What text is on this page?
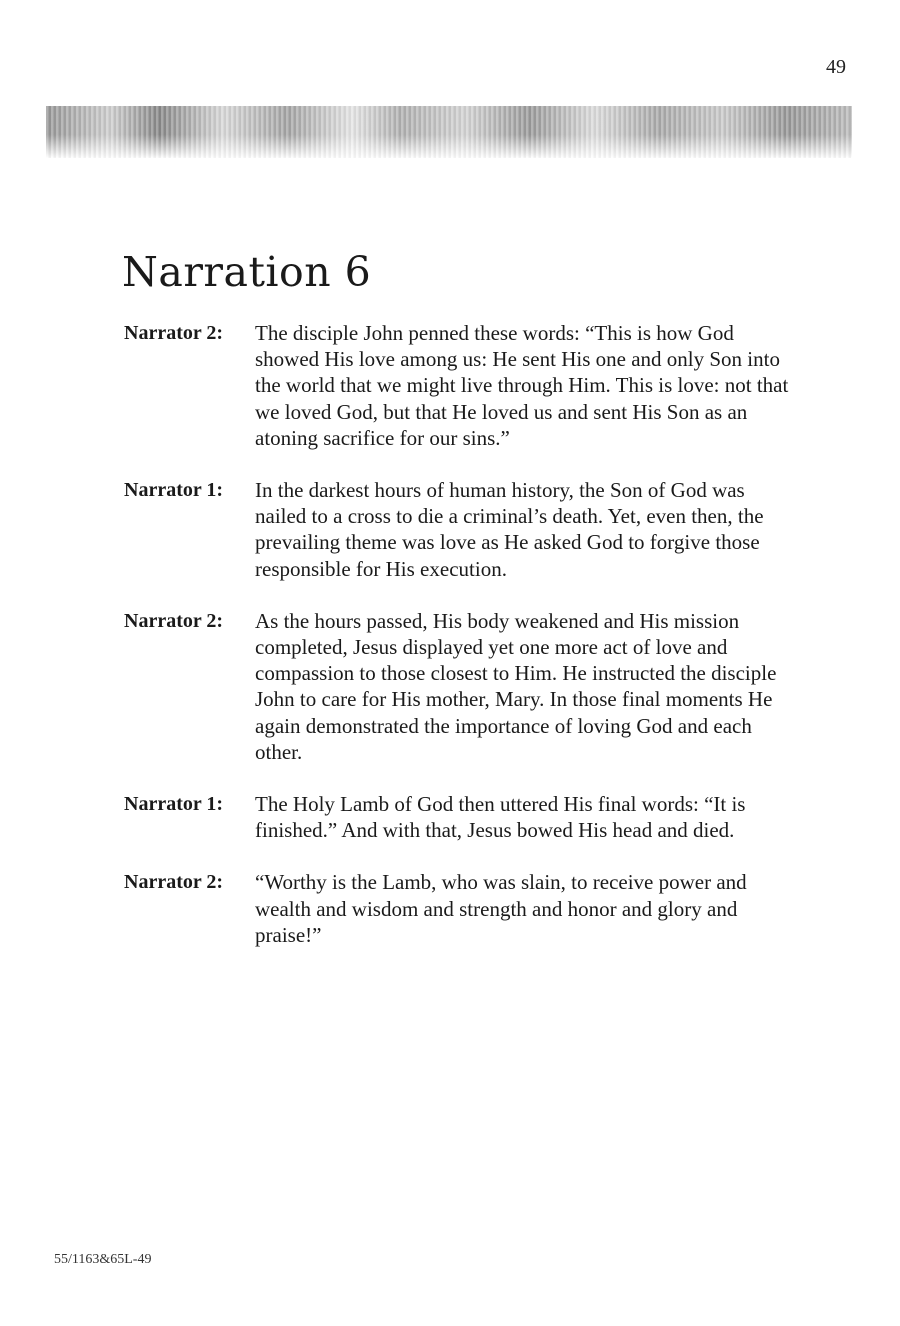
49
Narration 6
Narrator 2:	The disciple John penned these words: “This is how God showed His love among us: He sent His one and only Son into the world that we might live through Him. This is love: not that we loved God, but that He loved us and sent His Son as an atoning sacrifice for our sins.”
Narrator 1:	In the darkest hours of human history, the Son of God was nailed to a cross to die a criminal’s death. Yet, even then, the prevailing theme was love as He asked God to forgive those responsible for His execution.
Narrator 2:	As the hours passed, His body weakened and His mission completed, Jesus displayed yet one more act of love and compassion to those closest to Him. He instructed the disciple John to care for His mother, Mary. In those final moments He again demonstrated the importance of loving God and each other.
Narrator 1:	The Holy Lamb of God then uttered His final words: “It is finished.” And with that, Jesus bowed His head and died.
Narrator 2:	“Worthy is the Lamb, who was slain, to receive power and wealth and wisdom and strength and honor and glory and praise!”
55/1163&65L-49
